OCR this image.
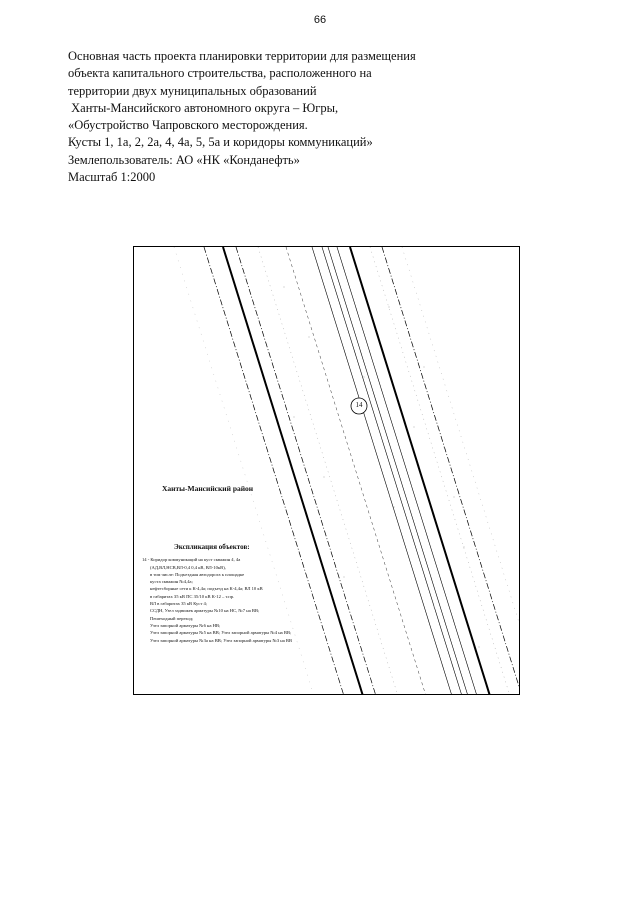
66
Основная часть проекта планировки территории для размещения
объекта капитального строительства, расположенного на
территории двух муниципальных образований
Ханты-Мансийского автономного округа – Югры,
«Обустройство Чапровского месторождения.
Кусты 1, 1а, 2, 2а, 4, 4а, 5, 5а и коридоры коммуникаций»
Землепользователь: АО «НК «Конданефть»
Масштаб 1:2000
14
Ханты-Мансийский район
Экспликация объектов:
14 - Коридор коммуникаций на куст скважин 4, 4а
(АД,ВЛ,НСВ,ВЛ-0,4 0,4 кВ, ВЛ-10кВ),
в том числе: Подъездная автодорога к площадке
куста скважин №4,4а;
нефтесборные сети к К-4,4а; подъезд на К-4,4а; ВЛ 10 кВ
в габаритах 35 кВ ПС 35/10 кВ К-12 – т.пр.
ВЛ в габаритах 35 кВ Куст 4;
ССДН, Узел задвижек арматуры №10 на НС, №7 на ВВ;
Пешеходный переход;
Узел запорной арматуры №6 на НВ;
Узел запорной арматуры №5 на ВВ; Узел запорной арматуры №4 на ВВ;
Узел запорной арматуры №3а на ВВ; Узел запорной арматуры №3 на ВВ
